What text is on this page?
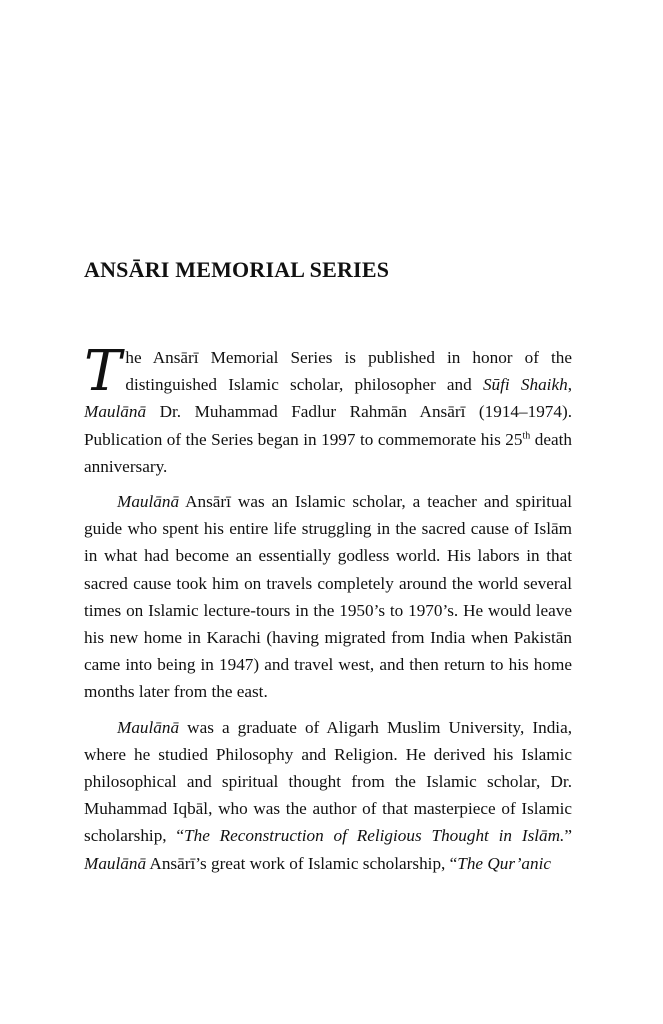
ANSĀRI MEMORIAL SERIES

The Ansārī Memorial Series is published in honor of the distinguished Islamic scholar, philosopher and Sūfi Shaikh, Maulānā Dr. Muhammad Fadlur Rahmān Ansārī (1914–1974). Publication of the Series began in 1997 to commemorate his 25th death anniversary.

Maulānā Ansārī was an Islamic scholar, a teacher and spiritual guide who spent his entire life struggling in the sacred cause of Islām in what had become an essentially godless world. His labors in that sacred cause took him on travels completely around the world several times on Islamic lecture-tours in the 1950’s to 1970’s. He would leave his new home in Karachi (having migrated from India when Pakistān came into being in 1947) and travel west, and then return to his home months later from the east.

Maulānā was a graduate of Aligarh Muslim University, India, where he studied Philosophy and Religion. He derived his Islamic philosophical and spiritual thought from the Islamic scholar, Dr. Muhammad Iqbāl, who was the author of that masterpiece of Islamic scholarship, “The Reconstruction of Religious Thought in Islām.” Maulānā Ansārī’s great work of Islamic scholarship, “The Qur’anic
